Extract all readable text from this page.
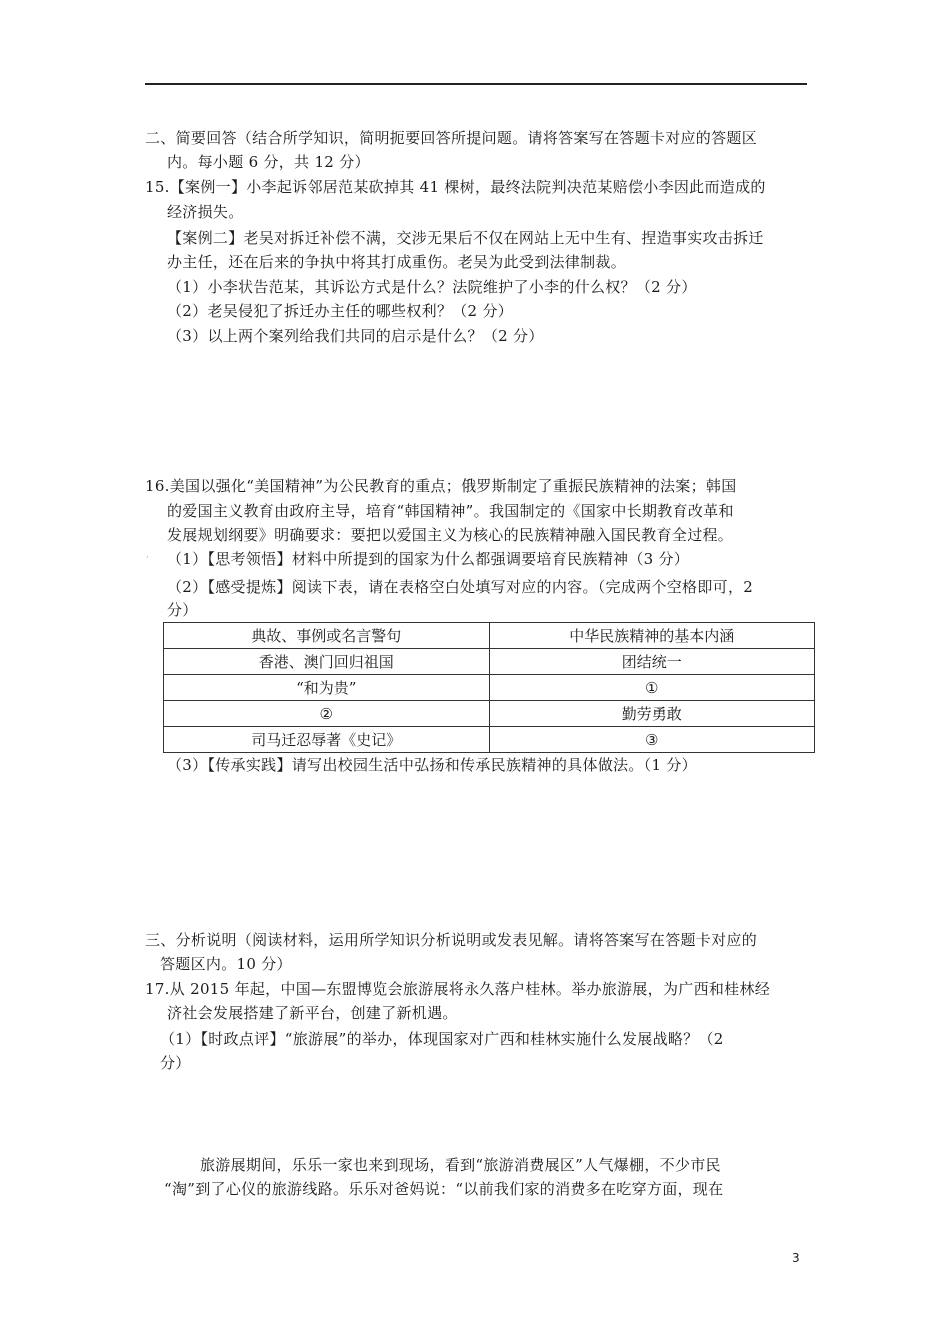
二、简要回答（结合所学知识，简明扼要回答所提问题。请将答案写在答题卡对应的答题区
内。每小题 6 分，共 12 分）
15.【案例一】小李起诉邻居范某砍掉其 41 棵树，最终法院判决范某赔偿小李因此而造成的
经济损失。
【案例二】老吴对拆迁补偿不满，交涉无果后不仅在网站上无中生有、捏造事实攻击拆迁
办主任，还在后来的争执中将其打成重伤。老吴为此受到法律制裁。
（1）小李状告范某，其诉讼方式是什么？法院维护了小李的什么权？（2 分）
（2）老吴侵犯了拆迁办主任的哪些权利？（2 分）
（3）以上两个案列给我们共同的启示是什么？（2 分）
16.美国以强化“美国精神”为公民教育的重点；俄罗斯制定了重振民族精神的法案；韩国
的爱国主义教育由政府主导，培育“韩国精神”。我国制定的《国家中长期教育改革和
发展规划纲要》明确要求：要把以爱国主义为核心的民族精神融入国民教育全过程。
· （1）【思考领悟】材料中所提到的国家为什么都强调要培育民族精神（3 分）
（2）【感受提炼】阅读下表，请在表格空白处填写对应的内容。（完成两个空格即可，2
分）
典故、事例或名言警句	中华民族精神的基本内涵
香港、澳门回归祖国	团结统一
“和为贵”	①
②	勤劳勇敢
司马迁忍辱著《史记》	③
（3）【传承实践】请写出校园生活中弘扬和传承民族精神的具体做法。（1 分）
三、分析说明（阅读材料，运用所学知识分析说明或发表见解。请将答案写在答题卡对应的
答题区内。10 分）
17.从 2015 年起，中国—东盟博览会旅游展将永久落户桂林。举办旅游展，为广西和桂林经
济社会发展搭建了新平台，创建了新机遇。
（1）【时政点评】“旅游展”的举办，体现国家对广西和桂林实施什么发展战略？（2
分）
旅游展期间，乐乐一家也来到现场，看到“旅游消费展区”人气爆棚，不少市民
“淘”到了心仪的旅游线路。乐乐对爸妈说：“以前我们家的消费多在吃穿方面，现在
3
